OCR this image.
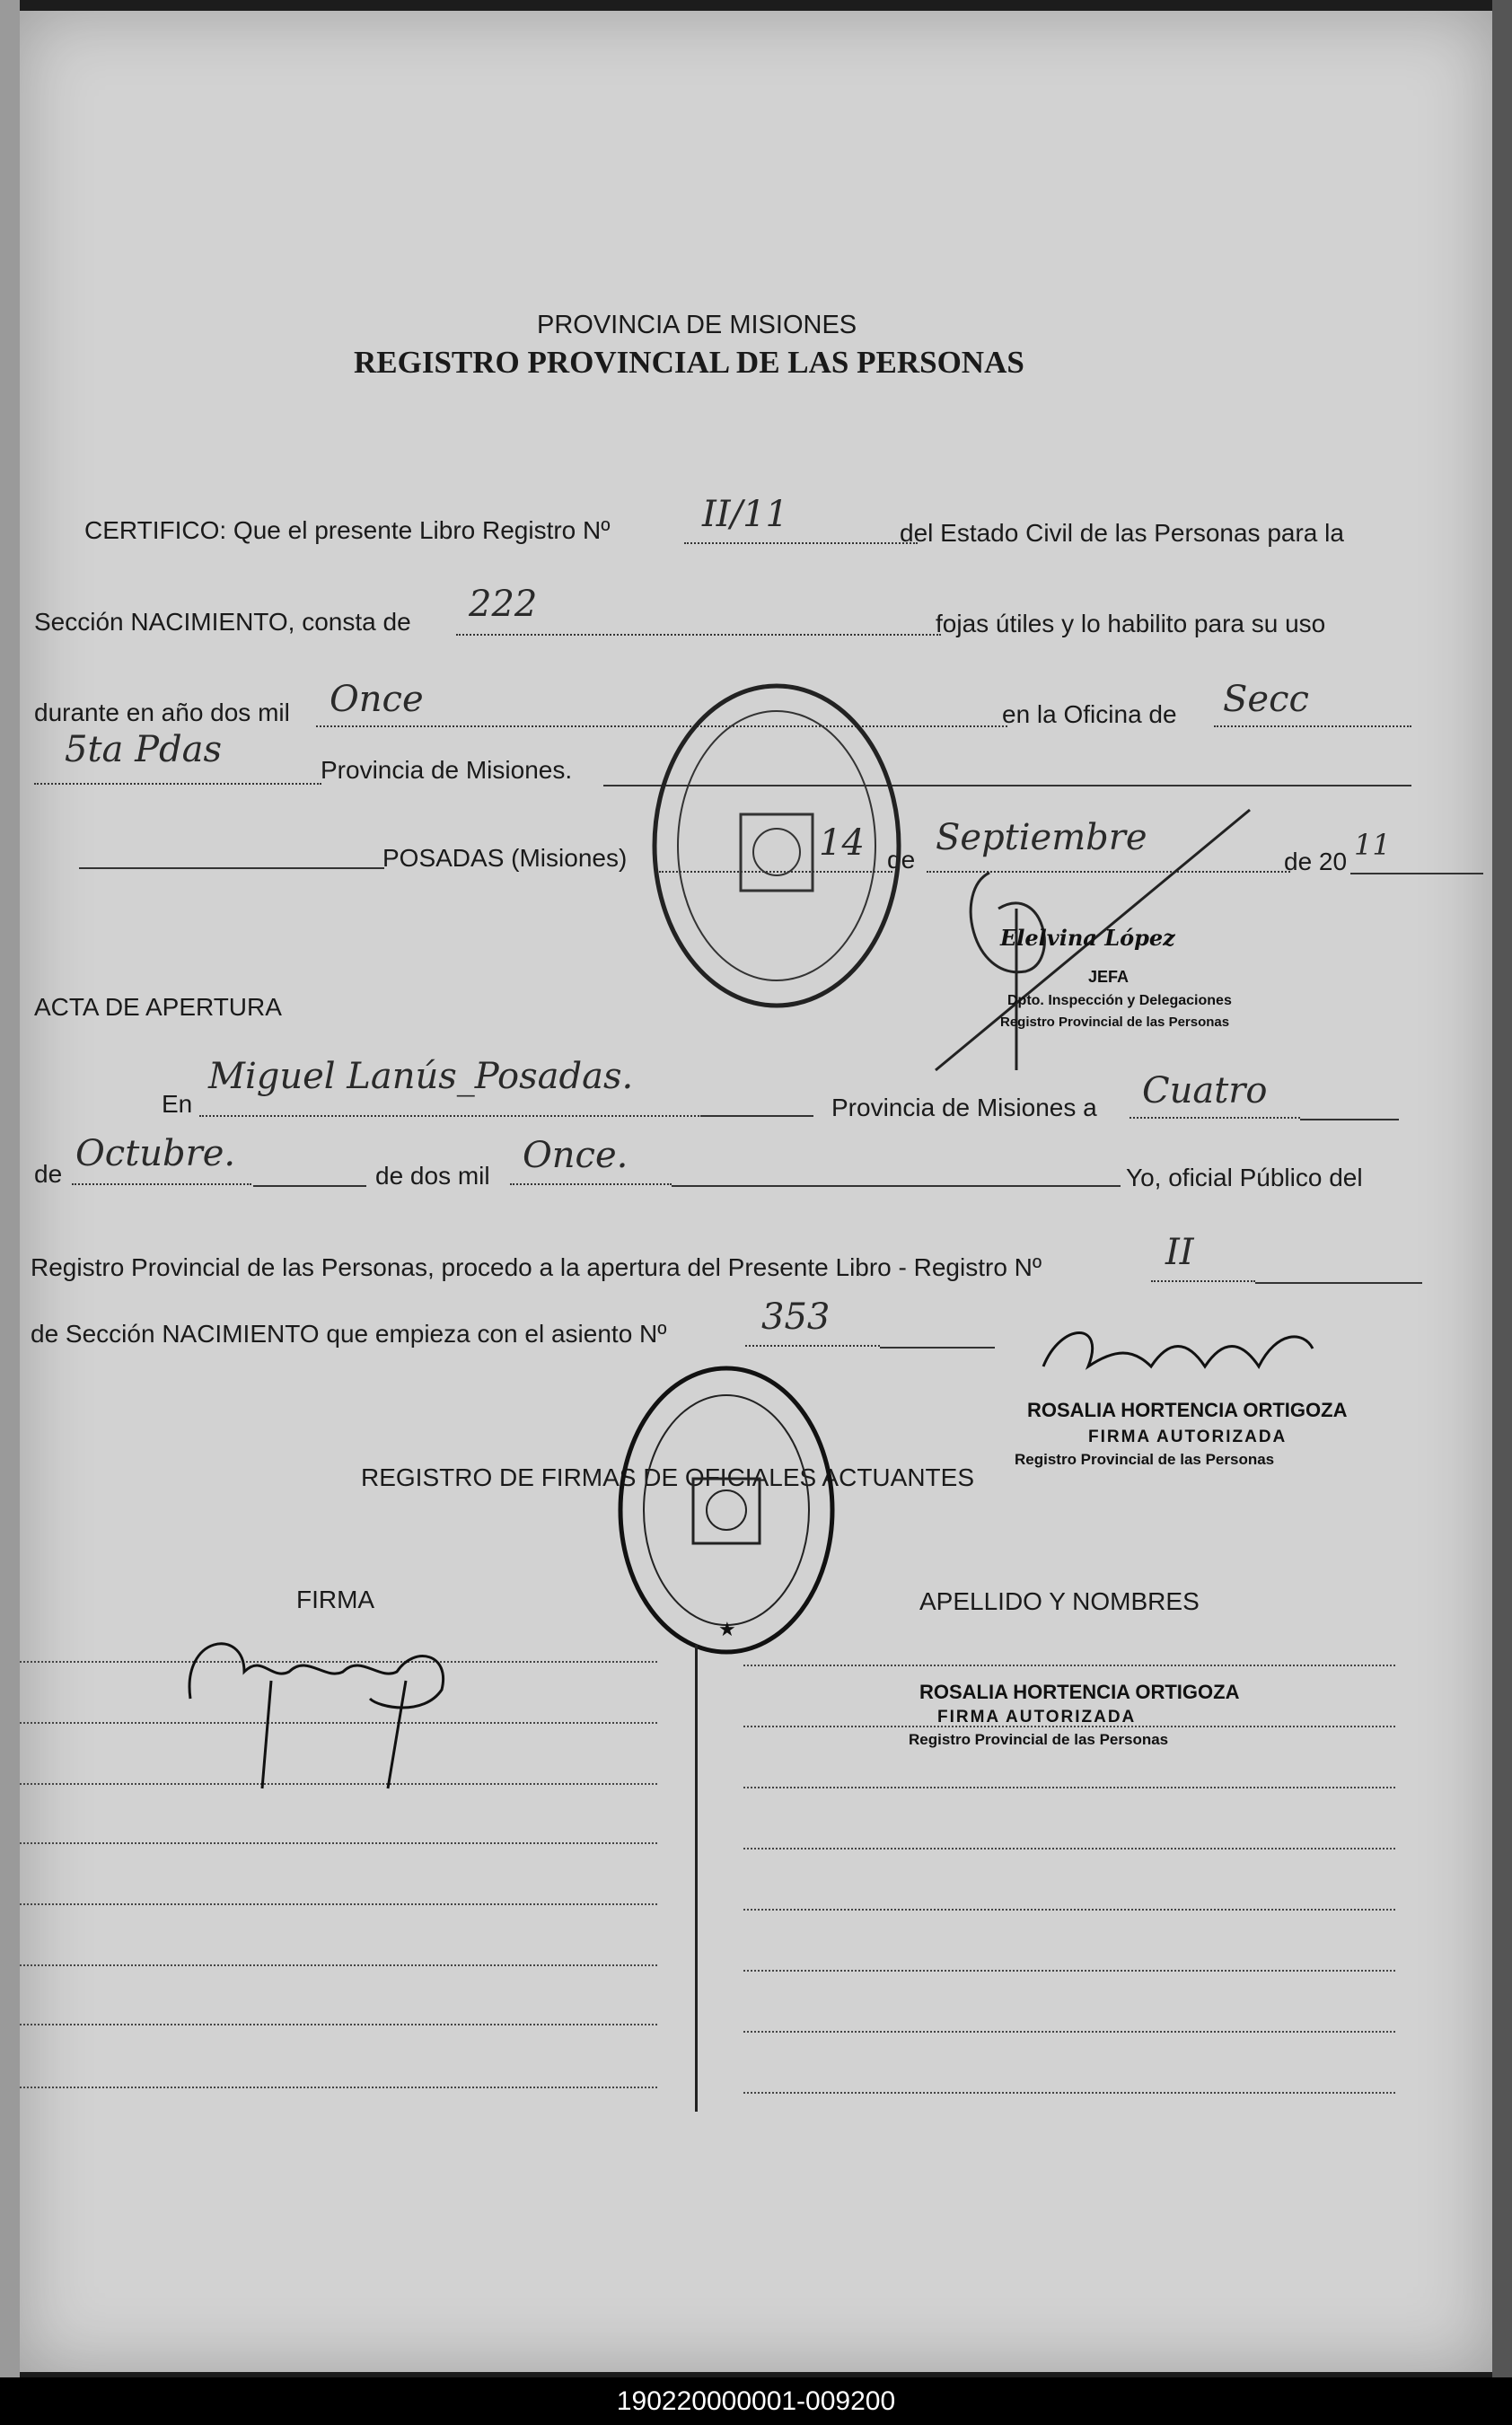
PROVINCIA DE MISIONES
REGISTRO PROVINCIAL DE LAS PERSONAS
CERTIFICO: Que el presente Libro Registro Nº	II/11	del Estado Civil de las Personas para la
Sección NACIMIENTO, consta de 222	fojas útiles y lo habilito para su uso
durante en año dos mil Once	en la Oficina de Secc
5ta Pdas	Provincia de Misiones.
POSADAS (Misiones)	14 de
Septiembre
de 20 11
Elelvina López
JEFA
Dpto. Inspección y Delegaciones
Registro Provincial de las Personas
ACTA DE APERTURA
En
Miguel Lanús_Posadas.
Provincia de Misiones a Cuatro
de Octubre.
de dos mil Once.
Yo, oficial Público del
Registro Provincial de las Personas, procedo a la apertura del Presente Libro - Registro Nº	II
de Sección NACIMIENTO que empieza con el asiento Nº	353
ROSALIA HORTENCIA ORTIGOZA
FIRMA AUTORIZADA
Registro Provincial de las Personas
REGISTRO DE FIRMAS DE OFICIALES ACTUANTES
★
FIRMA	APELLIDO Y NOMBRES
ROSALIA HORTENCIA ORTIGOZA
FIRMA AUTORIZADA
Registro Provincial de las Personas
190220000001-009200
